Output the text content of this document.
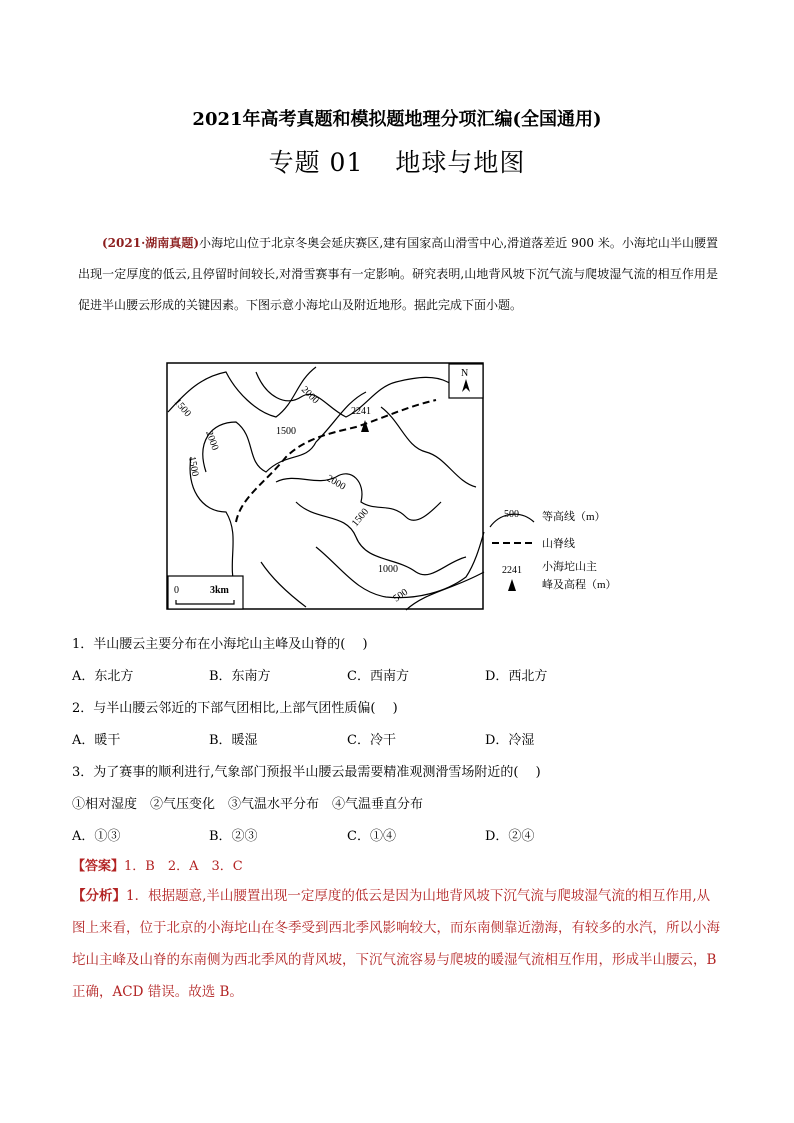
2021年高考真题和模拟题地理分项汇编(全国通用)
专题 01 地球与地图
(2021·湖南真题)小海坨山位于北京冬奥会延庆赛区,建有国家高山滑雪中心,滑道落差近 900 米。小海坨山半山腰置出现一定厚度的低云,且停留时间较长,对滑雪赛事有一定影响。研究表明,山地背风坡下沉气流与爬坡湿气流的相互作用是促进半山腰云形成的关键因素。下图示意小海坨山及附近地形。据此完成下面小题。
2241
1500
2000
1500
2000
2000
1500
1500
1000
500
N
0	3km
500 等高线（m）
山脊线
2241 小海坨山主
峰及高程（m）
1．半山腰云主要分布在小海坨山主峰及山脊的(　 )
A．东北方	B．东南方	C．西南方	D．西北方
2．与半山腰云邻近的下部气团相比,上部气团性质偏(　 )
A．暖干	B．暖湿	C．冷干	D．冷湿
3．为了赛事的顺利进行,气象部门预报半山腰云最需要精准观测滑雪场附近的(　 )
①相对湿度　②气压变化　③气温水平分布　④气温垂直分布
A．①③	B．②③	C．①④	D．②④
【答案】1．B　2．A　3．C
【分析】1．根据题意,半山腰置出现一定厚度的低云是因为山地背风坡下沉气流与爬坡湿气流的相互作用,从图上来看，位于北京的小海坨山在冬季受到西北季风影响较大，而东南侧靠近渤海，有较多的水汽，所以小海坨山主峰及山脊的东南侧为西北季风的背风坡，下沉气流容易与爬坡的暖湿气流相互作用，形成半山腰云，B 正确，ACD 错误。故选 B。
